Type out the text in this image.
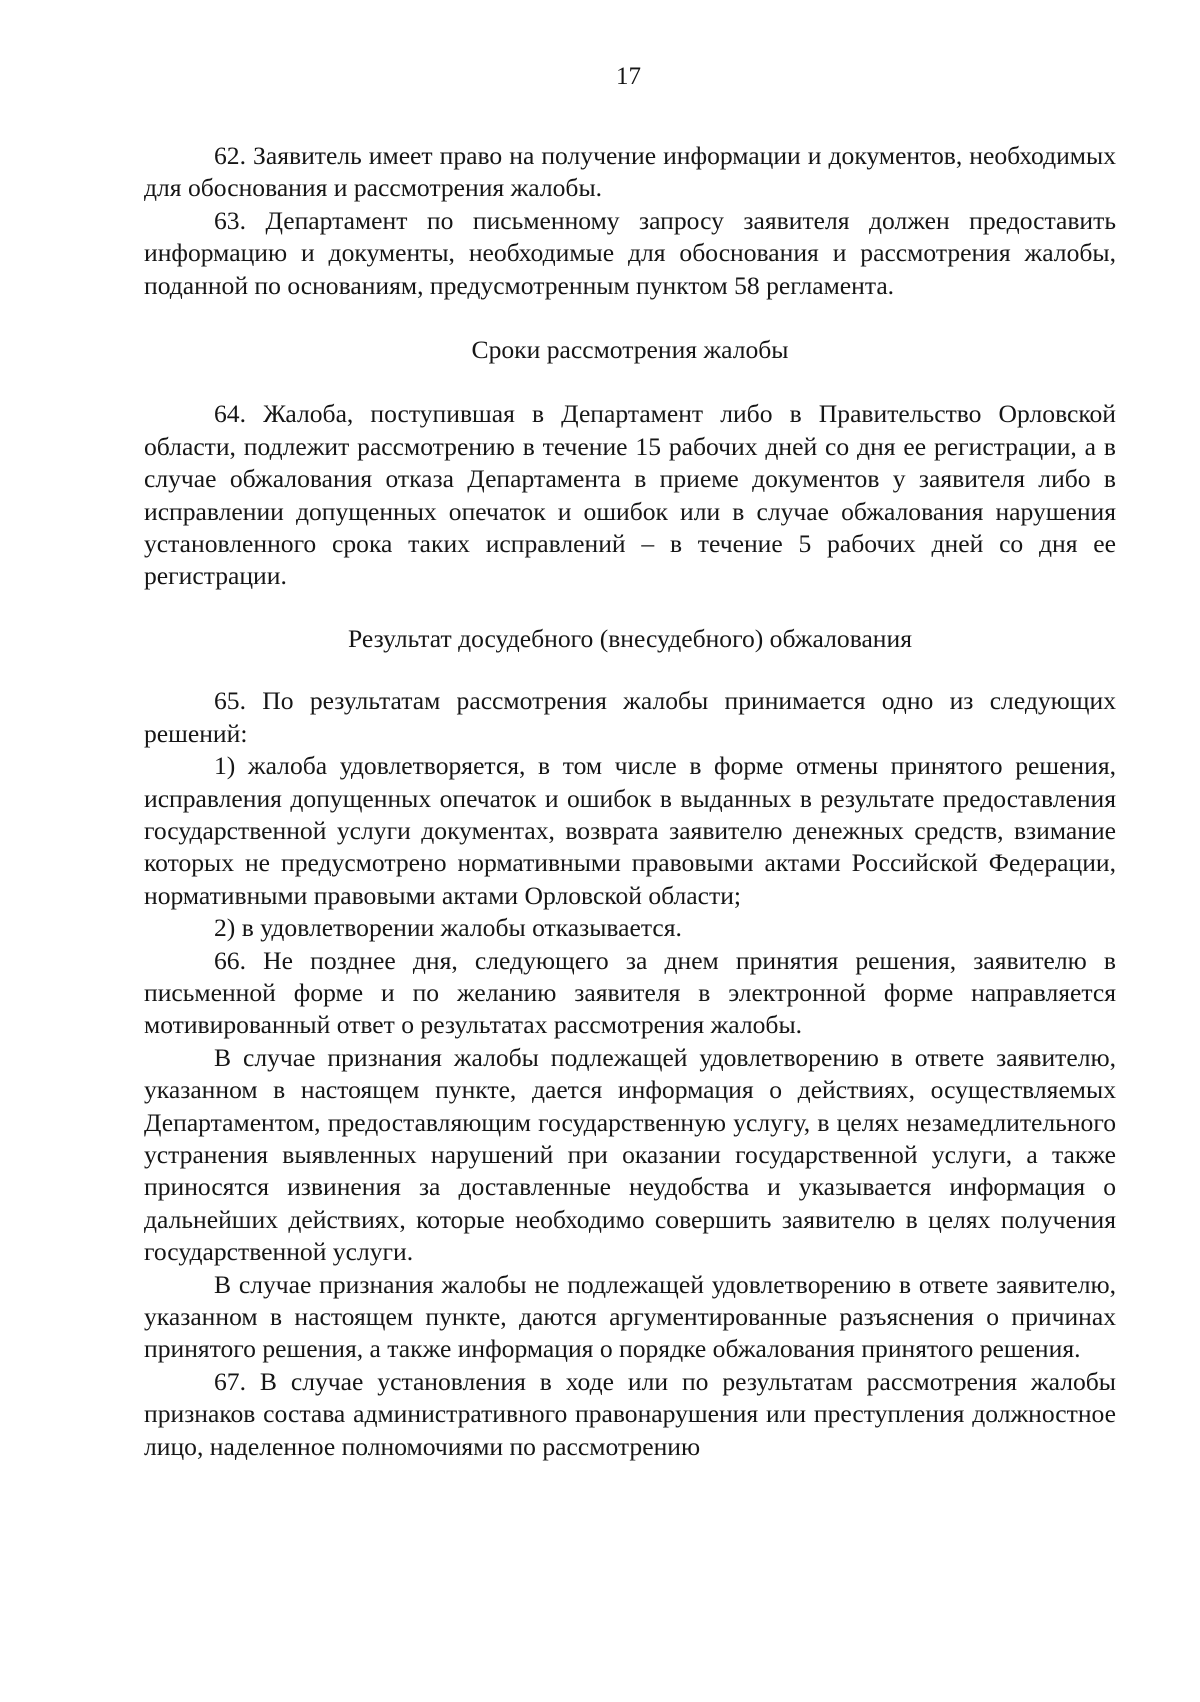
17

62. Заявитель имеет право на получение информации и документов, необходимых для обоснования и рассмотрения жалобы.

63. Департамент по письменному запросу заявителя должен предоставить информацию и документы, необходимые для обоснования и рассмотрения жалобы, поданной по основаниям, предусмотренным пунктом 58 регламента.

Сроки рассмотрения жалобы

64. Жалоба, поступившая в Департамент либо в Правительство Орловской области, подлежит рассмотрению в течение 15 рабочих дней со дня ее регистрации, а в случае обжалования отказа Департамента в приеме документов у заявителя либо в исправлении допущенных опечаток и ошибок или в случае обжалования нарушения установленного срока таких исправлений – в течение 5 рабочих дней со дня ее регистрации.

Результат досудебного (внесудебного) обжалования

65. По результатам рассмотрения жалобы принимается одно из следующих решений:

1) жалоба удовлетворяется, в том числе в форме отмены принятого решения, исправления допущенных опечаток и ошибок в выданных в результате предоставления государственной услуги документах, возврата заявителю денежных средств, взимание которых не предусмотрено нормативными правовыми актами Российской Федерации, нормативными правовыми актами Орловской области;

2) в удовлетворении жалобы отказывается.

66. Не позднее дня, следующего за днем принятия решения, заявителю в письменной форме и по желанию заявителя в электронной форме направляется мотивированный ответ о результатах рассмотрения жалобы.

В случае признания жалобы подлежащей удовлетворению в ответе заявителю, указанном в настоящем пункте, дается информация о действиях, осуществляемых Департаментом, предоставляющим государственную услугу, в целях незамедлительного устранения выявленных нарушений при оказании государственной услуги, а также приносятся извинения за доставленные неудобства и указывается информация о дальнейших действиях, которые необходимо совершить заявителю в целях получения государственной услуги.

В случае признания жалобы не подлежащей удовлетворению в ответе заявителю, указанном в настоящем пункте, даются аргументированные разъяснения о причинах принятого решения, а также информация о порядке обжалования принятого решения.

67. В случае установления в ходе или по результатам рассмотрения жалобы признаков состава административного правонарушения или преступления должностное лицо, наделенное полномочиями по рассмотрению
